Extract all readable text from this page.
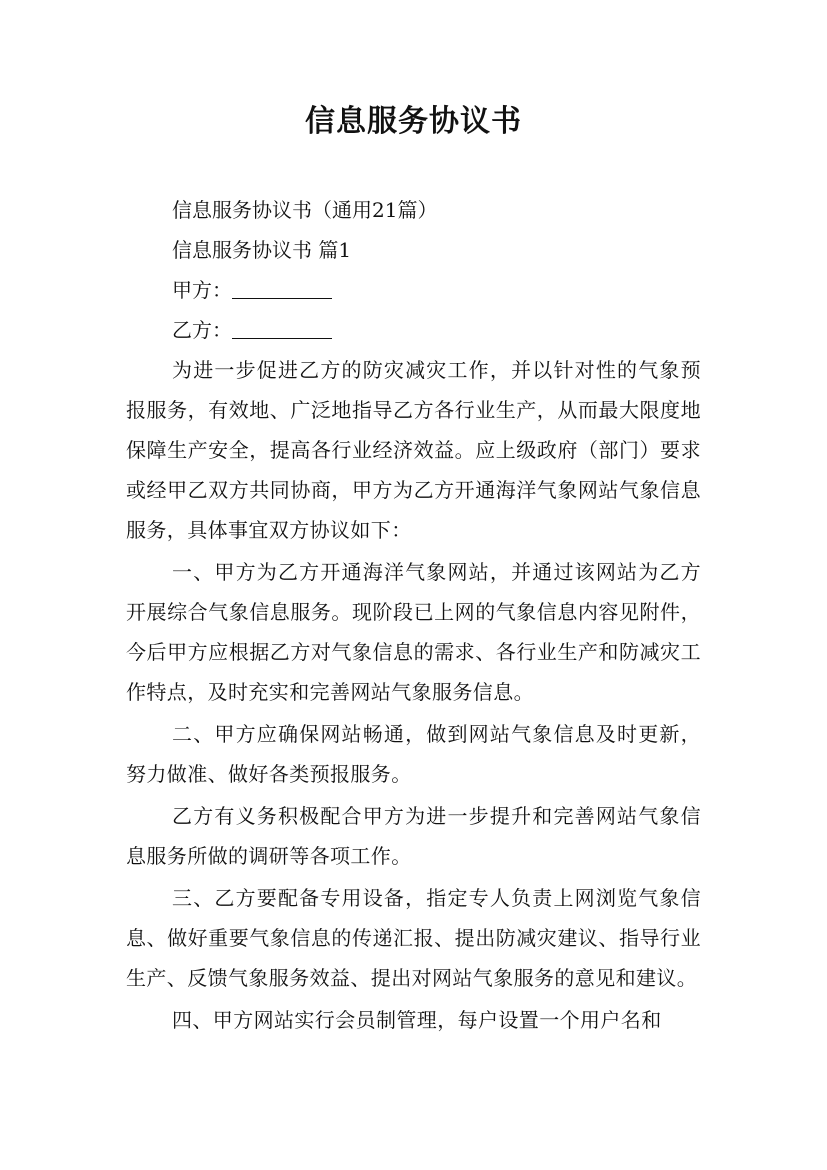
信息服务协议书

信息服务协议书（通用21篇）

信息服务协议书 篇1

甲方：

乙方：

为进一步促进乙方的防灾减灾工作，并以针对性的气象预报服务，有效地、广泛地指导乙方各行业生产，从而最大限度地保障生产安全，提高各行业经济效益。应上级政府（部门）要求或经甲乙双方共同协商，甲方为乙方开通海洋气象网站气象信息服务，具体事宜双方协议如下：

一、甲方为乙方开通海洋气象网站，并通过该网站为乙方开展综合气象信息服务。现阶段已上网的气象信息内容见附件，今后甲方应根据乙方对气象信息的需求、各行业生产和防减灾工作特点，及时充实和完善网站气象服务信息。

二、甲方应确保网站畅通，做到网站气象信息及时更新，努力做准、做好各类预报服务。

乙方有义务积极配合甲方为进一步提升和完善网站气象信息服务所做的调研等各项工作。

三、乙方要配备专用设备，指定专人负责上网浏览气象信息、做好重要气象信息的传递汇报、提出防减灾建议、指导行业生产、反馈气象服务效益、提出对网站气象服务的意见和建议。

四、甲方网站实行会员制管理，每户设置一个用户名和
